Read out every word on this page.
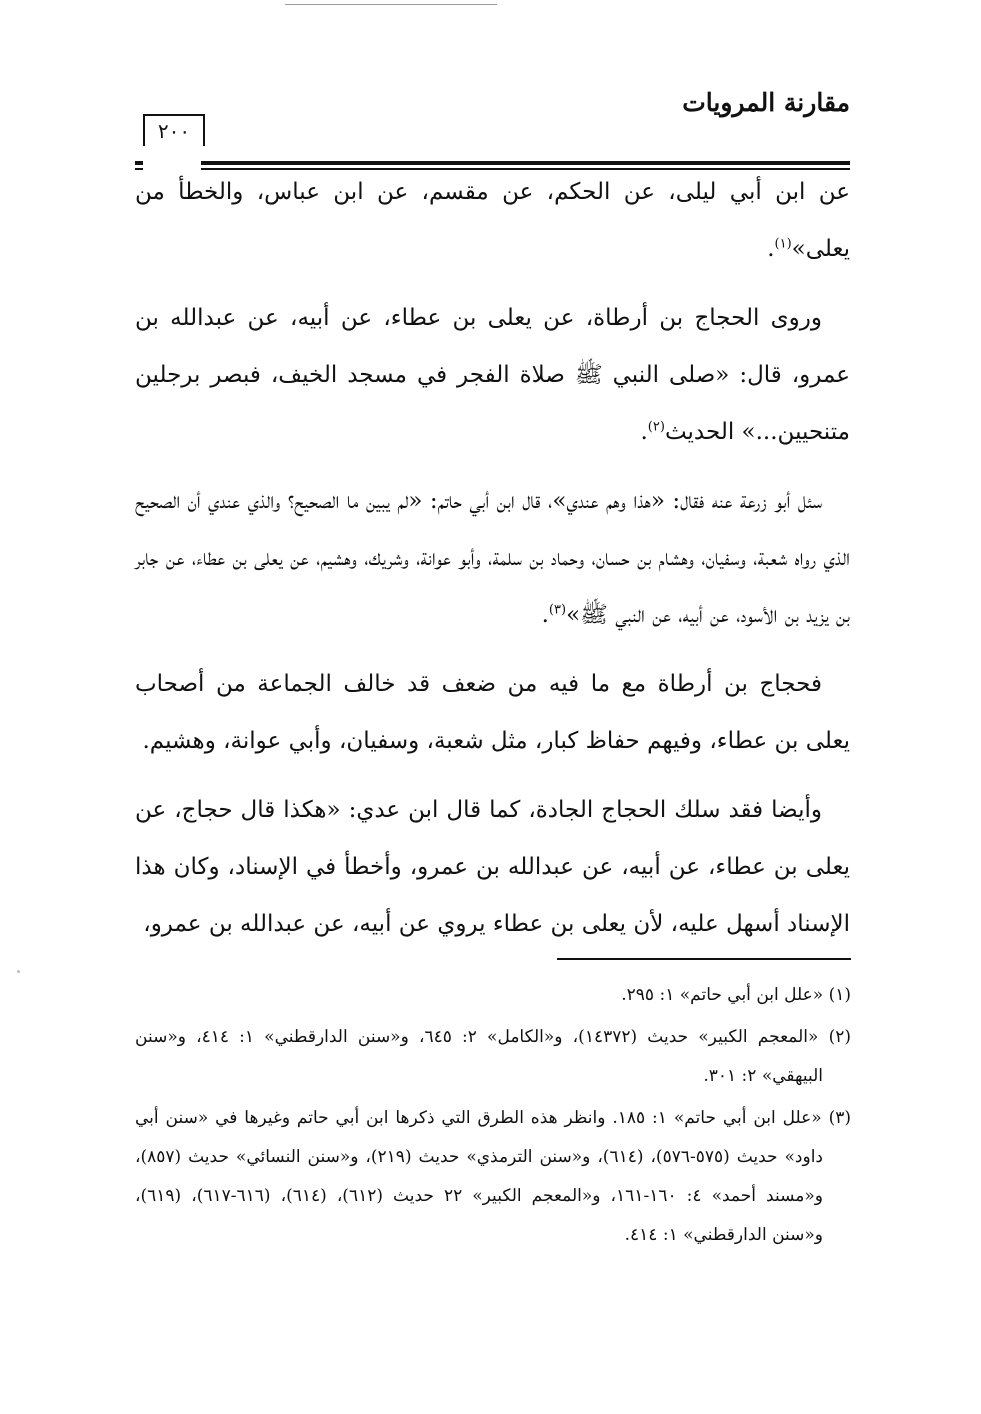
مقارنة المرويات
٢٠٠

عن ابن أبي ليلى، عن الحكم، عن مقسم، عن ابن عباس، والخطأ من يعلى»$^{(١)}$.

وروى الحجاج بن أرطاة، عن يعلى بن عطاء، عن أبيه، عن عبدالله بن عمرو، قال: «صلى النبي ﷺ صلاة الفجر في مسجد الخيف، فبصر برجلين متنحيين...» الحديث$^{(٢)}$.

سئل أبو زرعة عنه فقال: «هذا وهم عندي»، قال ابن أبي حاتم: «لم يبين ما الصحيح؟ والذي عندي أن الصحيح الذي رواه شعبة، وسفيان، وهشام بن حسان، وحماد بن سلمة، وأبو عوانة، وشريك، وهشيم، عن يعلى بن عطاء، عن جابر بن يزيد بن الأسود، عن أبيه، عن النبي ﷺ»$^{(٣)}$.

فحجاج بن أرطاة مع ما فيه من ضعف قد خالف الجماعة من أصحاب يعلى بن عطاء، وفيهم حفاظ كبار، مثل شعبة، وسفيان، وأبي عوانة، وهشيم.

وأيضا فقد سلك الحجاج الجادة، كما قال ابن عدي: «هكذا قال حجاج، عن يعلى بن عطاء، عن أبيه، عن عبدالله بن عمرو، وأخطأ في الإسناد، وكان هذا الإسناد أسهل عليه، لأن يعلى بن عطاء يروي عن أبيه، عن عبدالله بن عمرو،

(١) «علل ابن أبي حاتم» ١: ٢٩٥.
(٢) «المعجم الكبير» حديث (١٤٣٧٢)، و«الكامل» ٢: ٦٤٥، و«سنن الدارقطني» ١: ٤١٤، و«سنن البيهقي» ٢: ٣٠١.
(٣) «علل ابن أبي حاتم» ١: ١٨٥. وانظر هذه الطرق التي ذكرها ابن أبي حاتم وغيرها في «سنن أبي داود» حديث (٥٧٥-٥٧٦)، (٦١٤)، و«سنن الترمذي» حديث (٢١٩)، و«سنن النسائي» حديث (٨٥٧)، و«مسند أحمد» ٤: ١٦٠-١٦١، و«المعجم الكبير» ٢٢ حديث (٦١٢)، (٦١٤)، (٦١٦-٦١٧)، (٦١٩)، و«سنن الدارقطني» ١: ٤١٤.
